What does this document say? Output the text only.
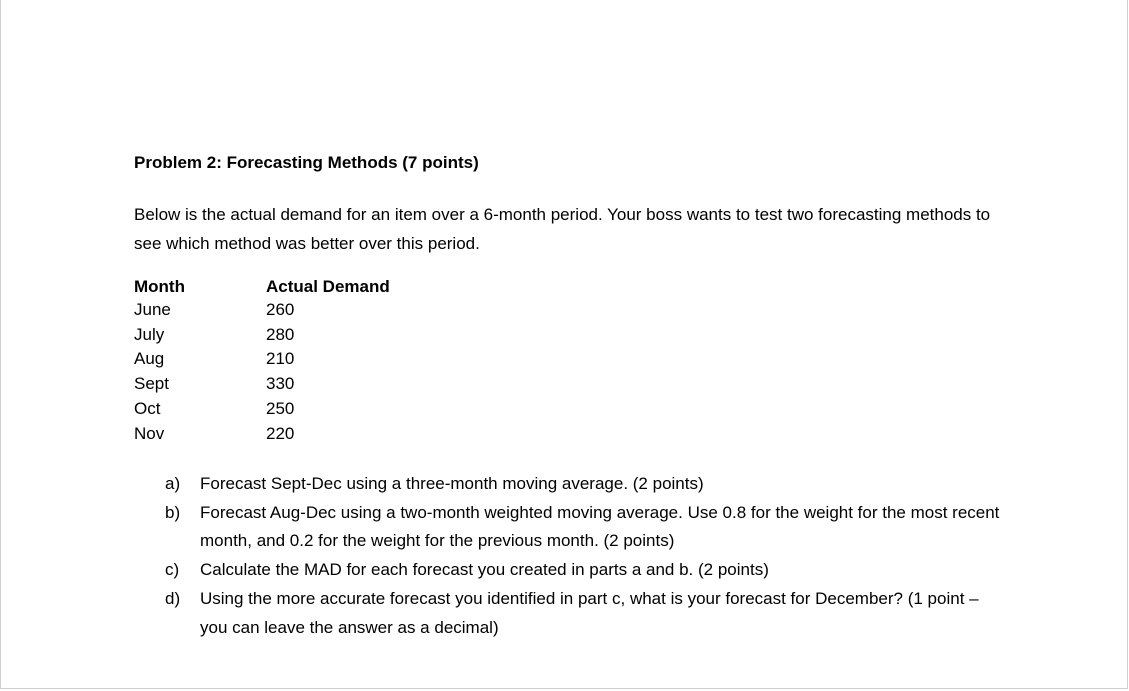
Problem 2: Forecasting Methods (7 points)
Below is the actual demand for an item over a 6-month period. Your boss wants to test two forecasting methods to see which method was better over this period.
Month	Actual Demand
June	260
July	280
Aug	210
Sept	330
Oct	250
Nov	220
a)	Forecast Sept-Dec using a three-month moving average. (2 points)
b)	Forecast Aug-Dec using a two-month weighted moving average. Use 0.8 for the weight for the most recent month, and 0.2 for the weight for the previous month. (2 points)
c)	Calculate the MAD for each forecast you created in parts a and b. (2 points)
d)	Using the more accurate forecast you identified in part c, what is your forecast for December? (1 point – you can leave the answer as a decimal)
